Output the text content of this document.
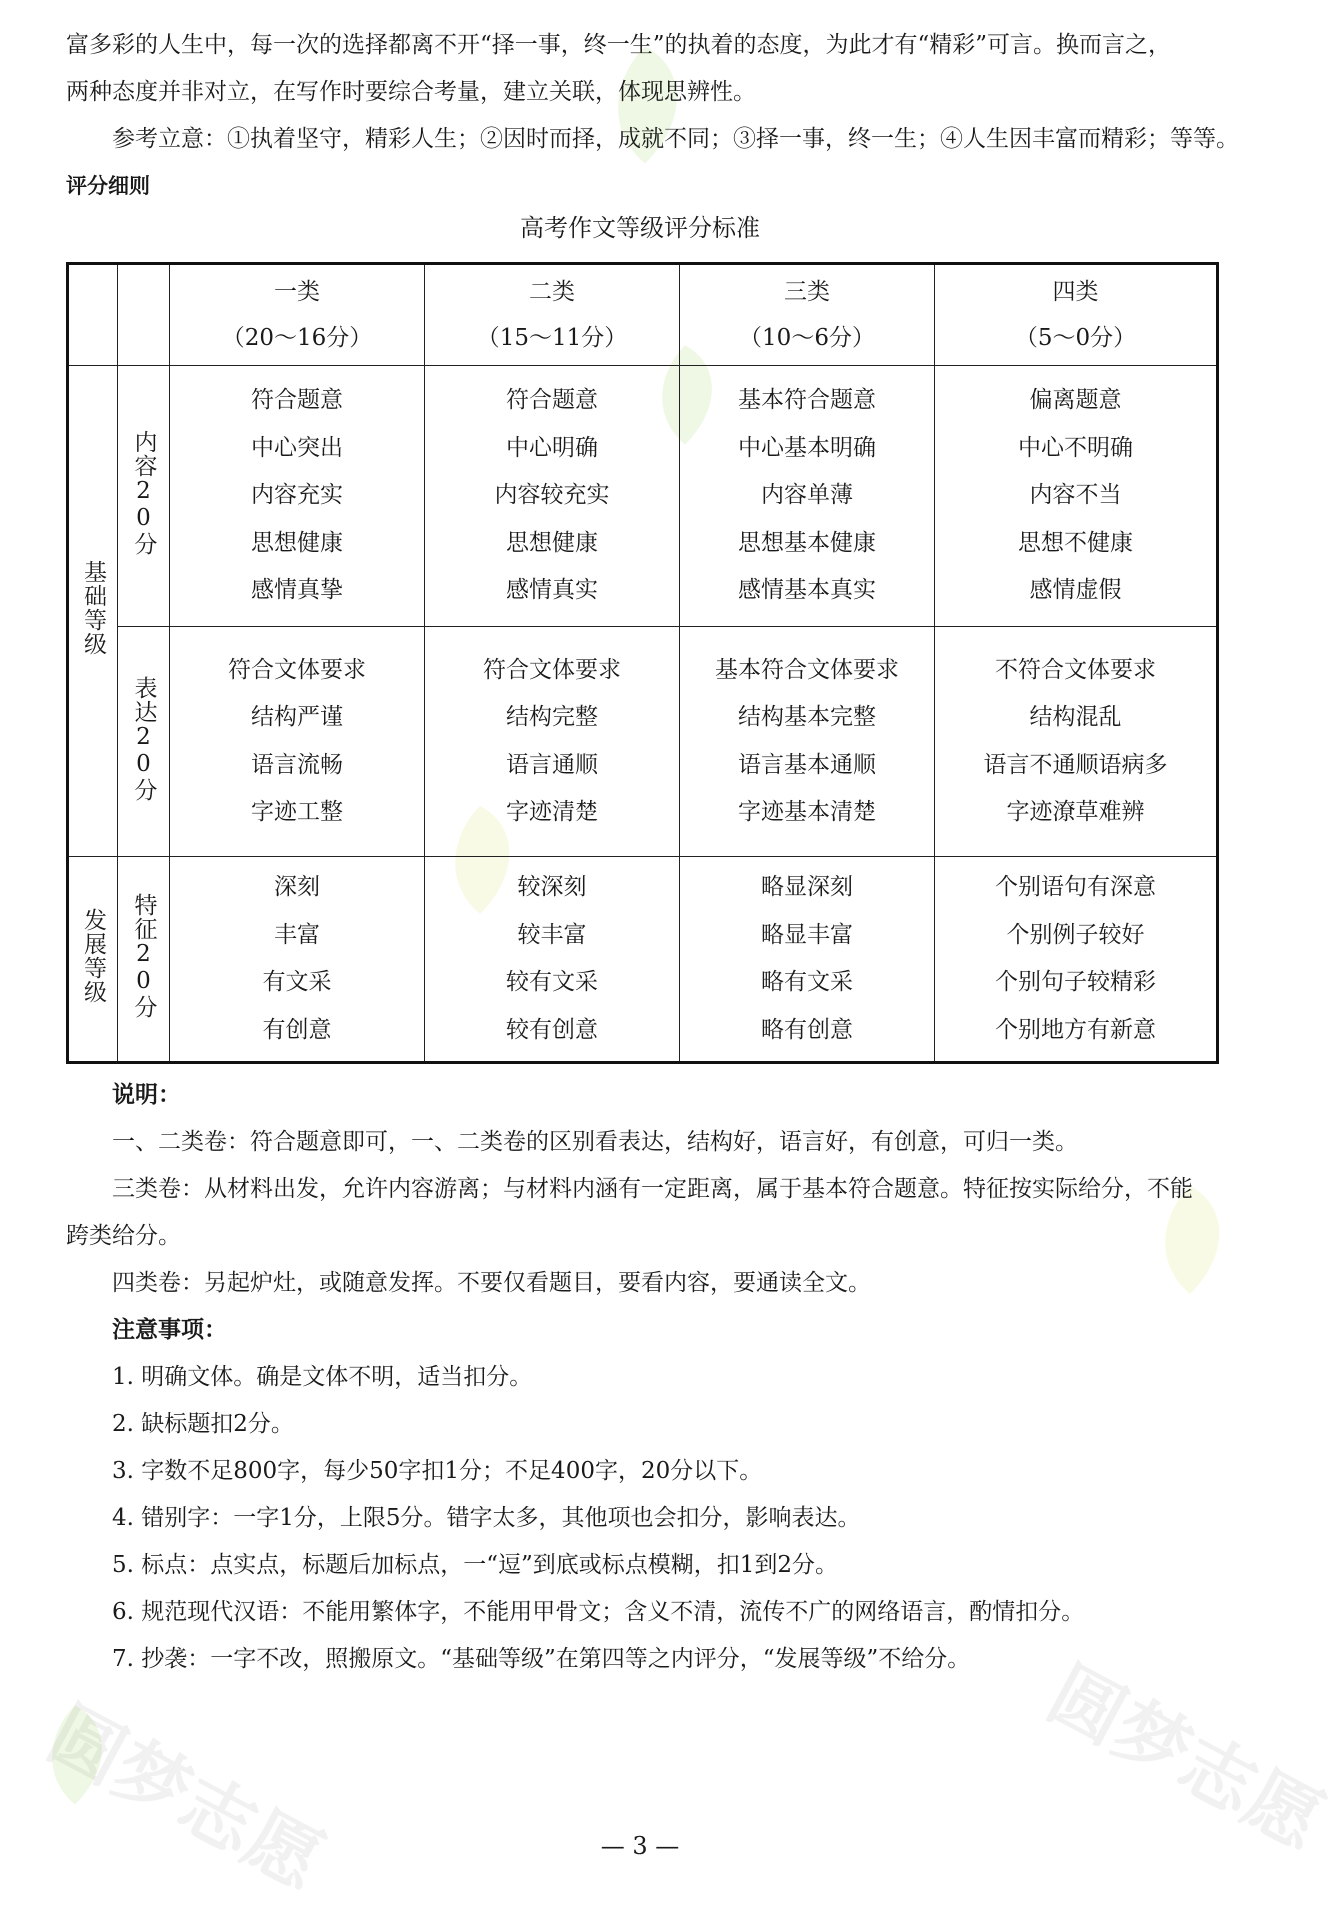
富多彩的人生中，每一次的选择都离不开“择一事，终一生”的执着的态度，为此才有“精彩”可言。换而言之，

两种态度并非对立，在写作时要综合考量，建立关联，体现思辨性。

参考立意：①执着坚守，精彩人生；②因时而择，成就不同；③择一事，终一生；④人生因丰富而精彩；等等。

评分细则

高考作文等级评分标准

		一类
（20～16分）	二类
（15～11分）	三类
（10～6分）	四类
（5～0分）

基础等级	内容20分	符合题意
中心突出
内容充实
思想健康
感情真挚	符合题意
中心明确
内容较充实
思想健康
感情真实	基本符合题意
中心基本明确
内容单薄
思想基本健康
感情基本真实	偏离题意
中心不明确
内容不当
思想不健康
感情虚假

	表达20分	符合文体要求
结构严谨
语言流畅
字迹工整	符合文体要求
结构完整
语言通顺
字迹清楚	基本符合文体要求
结构基本完整
语言基本通顺
字迹基本清楚	不符合文体要求
结构混乱
语言不通顺语病多
字迹潦草难辨

发展等级	特征20分	深刻
丰富
有文采
有创意	较深刻
较丰富
较有文采
较有创意	略显深刻
略显丰富
略有文采
略有创意	个别语句有深意
个别例子较好
个别句子较精彩
个别地方有新意

说明：

一、二类卷：符合题意即可，一、二类卷的区别看表达，结构好，语言好，有创意，可归一类。

三类卷：从材料出发，允许内容游离；与材料内涵有一定距离，属于基本符合题意。特征按实际给分，不能

跨类给分。

四类卷：另起炉灶，或随意发挥。不要仅看题目，要看内容，要通读全文。

注意事项：

1. 明确文体。确是文体不明，适当扣分。

2. 缺标题扣2分。

3. 字数不足800字，每少50字扣1分；不足400字，20分以下。

4. 错别字：一字1分，上限5分。错字太多，其他项也会扣分，影响表达。

5. 标点：点实点，标题后加标点，一“逗”到底或标点模糊，扣1到2分。

6. 规范现代汉语：不能用繁体字，不能用甲骨文；含义不清，流传不广的网络语言，酌情扣分。

7. 抄袭：一字不改，照搬原文。“基础等级”在第四等之内评分，“发展等级”不给分。

圆梦志愿	圆梦志愿
— 3 —
